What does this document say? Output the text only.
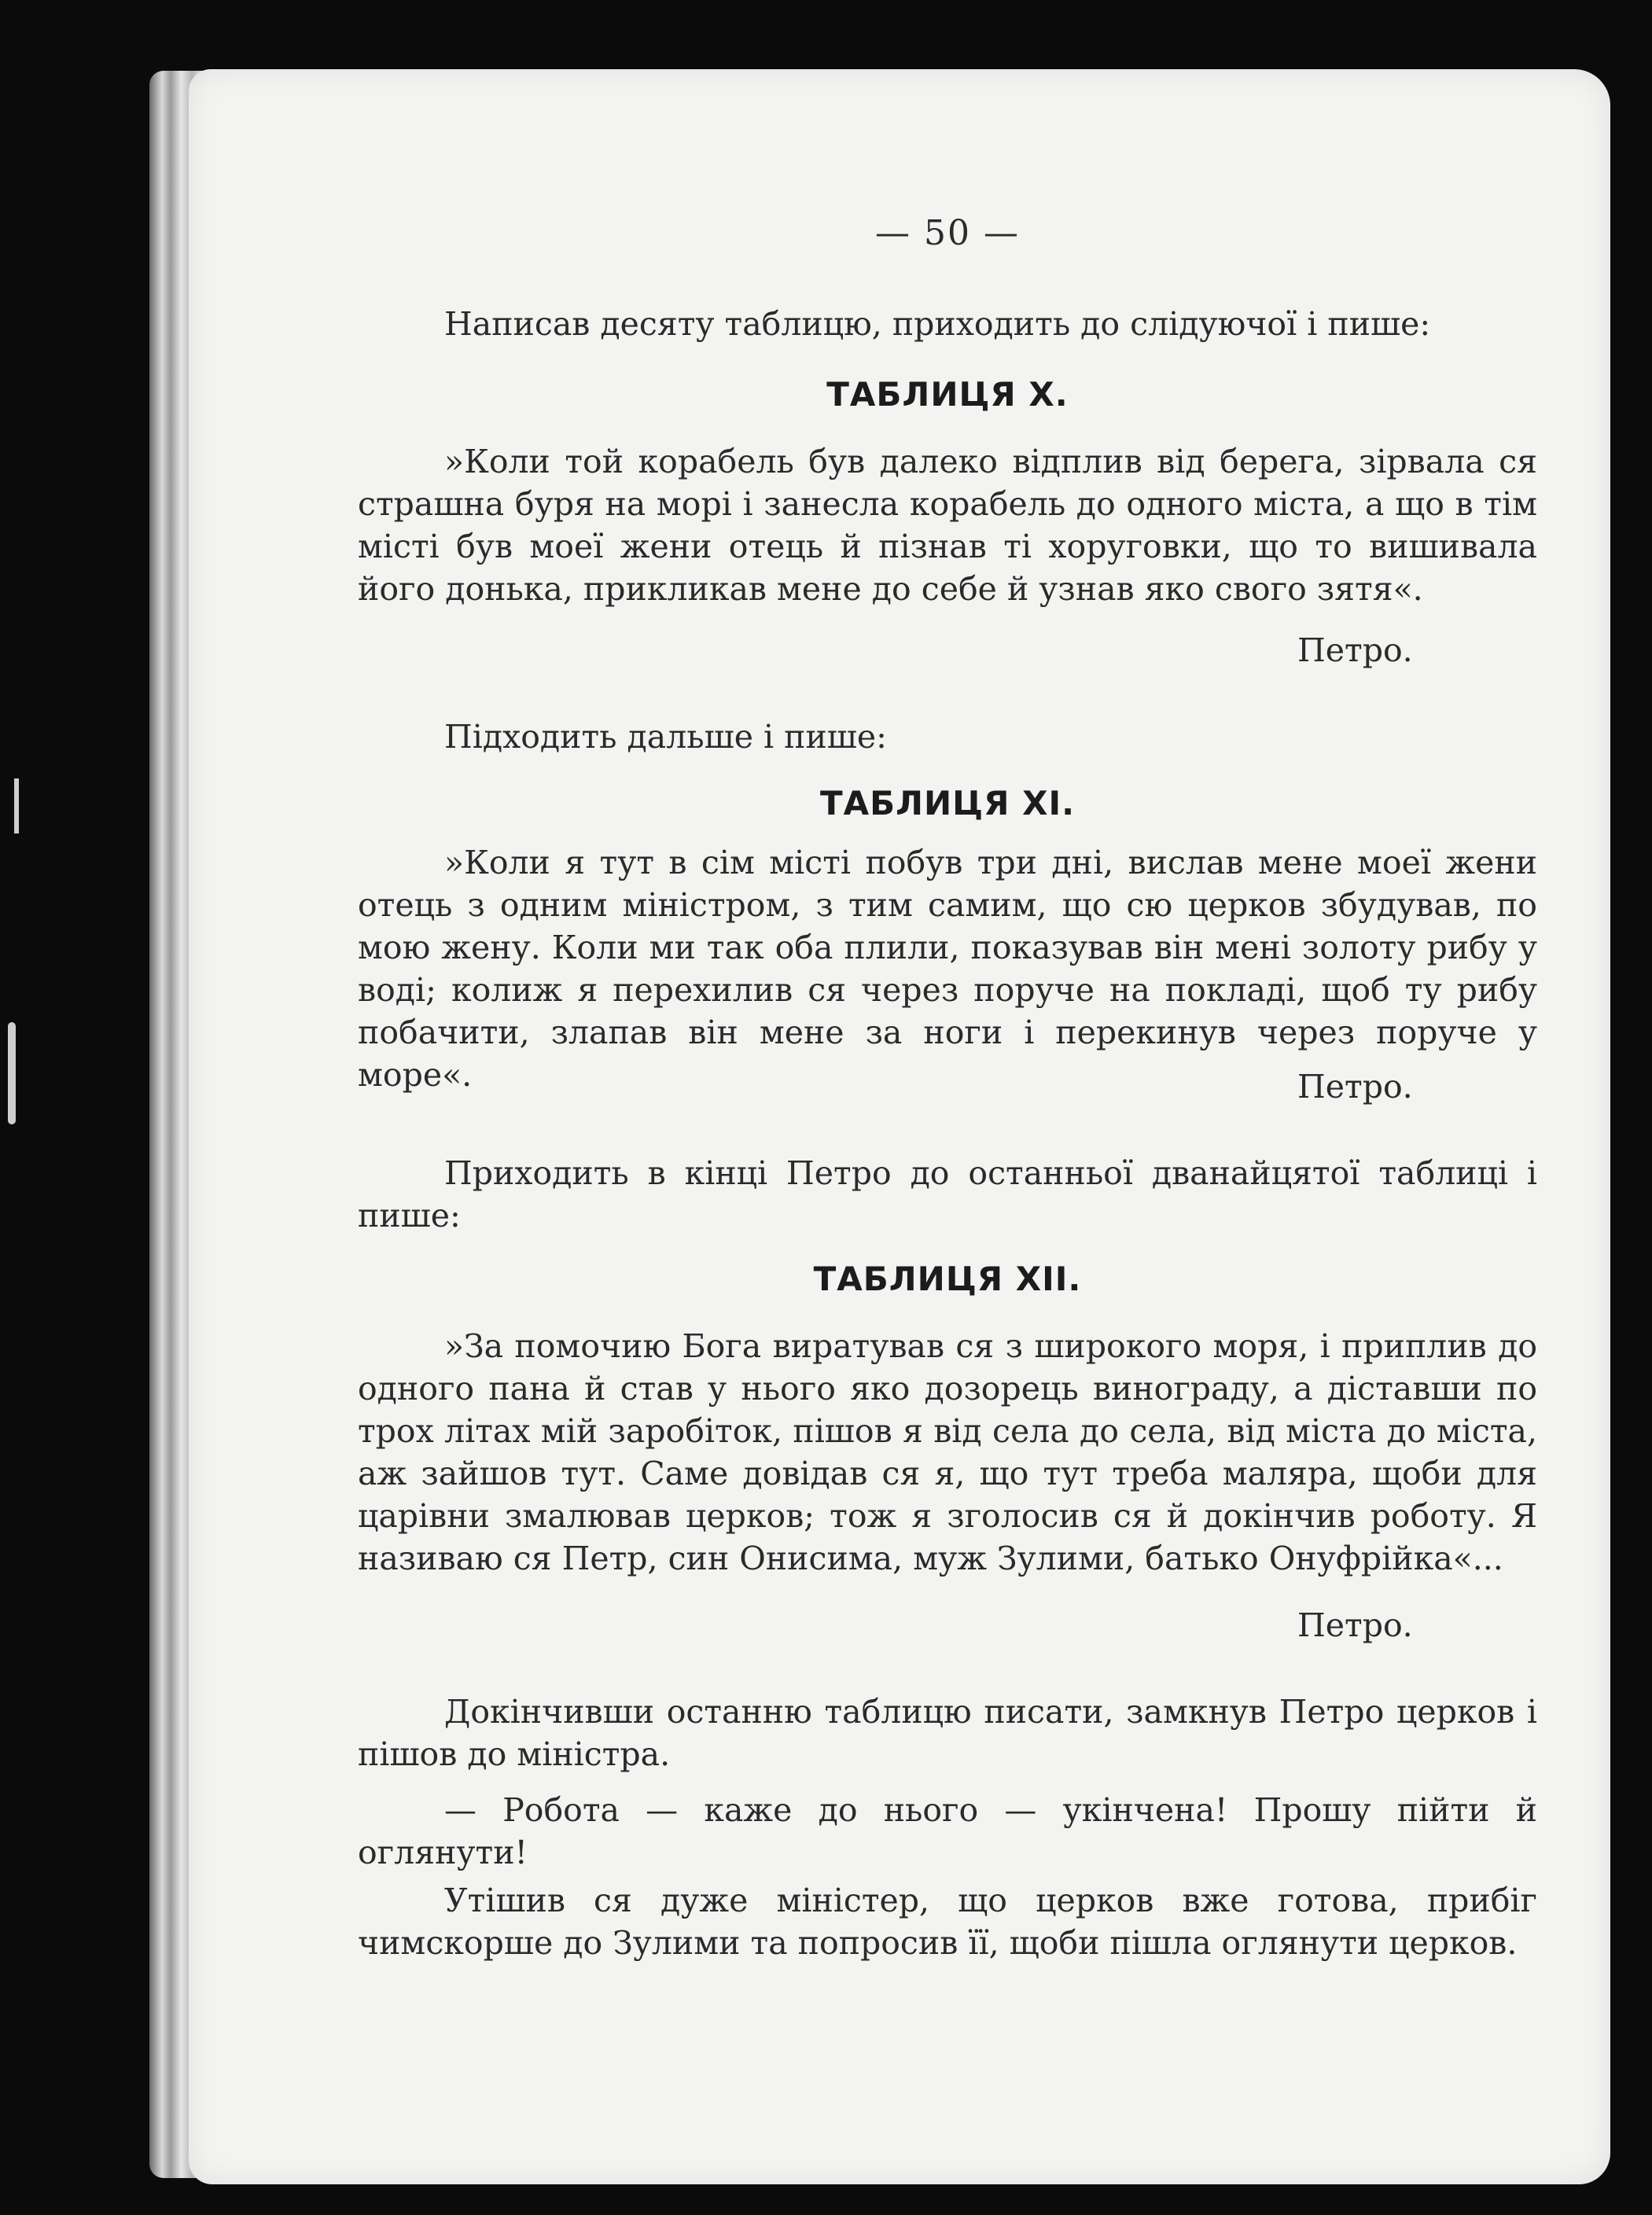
— 50 —

Написав десяту таблицю, приходить до слідуючої і пише:

ТАБЛИЦЯ X.

»Коли той корабель був далеко відплив від берега, зірвала ся страшна буря на морі і занесла корабель до одного міста, а що в тім місті був моеї жени отець й пізнав ті хоругoвки, що то вишивала його донька, прикликав мене до себе й узнав яко свого зятя«.

Петро.

Підходить дальше і пише:

ТАБЛИЦЯ XI.

»Коли я тут в сім місті побув три дні, вислав мене моеї жени отець з одним міністром, з тим самим, що сю церков збудував, по мою жену. Коли ми так оба плили, показував він мені золоту рибу у воді; колиж я перехилив ся через поруче на покладі, щоб ту рибу побачити, злапав він мене за ноги і перекинув через поруче у море«.	Петро.

Приходить в кінці Петро до останньої дванайцятої таблиці і пише:

ТАБЛИЦЯ XII.

»За помочию Бога виратував ся з широкого моря, і приплив до одного пана й став у нього яко дозорець винограду, а діставши по трох літах мій заробіток, пішов я від села до села, від міста до міста, аж зайшов тут. Саме довідав ся я, що тут треба маляра, щоби для царівни змалював церков; тож я зголосив ся й докінчив роботу. Я називаю ся Петр, син Онисима, муж Зулими, батько Онуфрійка«...

Петро.

Докінчивши останню таблицю писати, замкнув Петро церков і пішов до міністра.

— Робота — каже до нього — укінчена! Прошу пійти й оглянути!

Утішив ся дуже міністер, що церков вже готова, прибіг чимскорше до Зулими та попросив її, щоби пішла оглянути церков.
